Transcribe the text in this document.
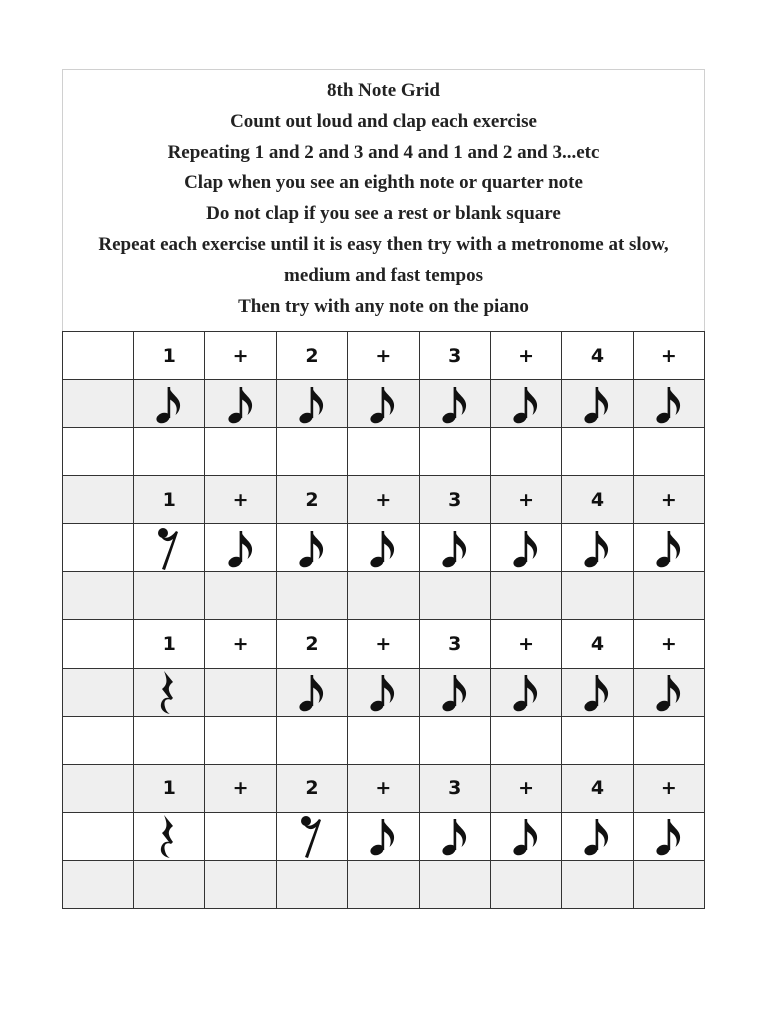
8th Note Grid
Count out loud and clap each exercise
Repeating 1 and 2 and 3 and 4 and 1 and 2 and 3...etc
Clap when you see an eighth note or quarter note
Do not clap if you see a rest or blank square
Repeat each exercise until it is easy then try with a metronome at slow, medium and fast tempos
Then try with any note on the piano
	1	+	2	+	3	+	4	+

	1	+	2	+	3	+	4	+

	1	+	2	+	3	+	4	+

	1	+	2	+	3	+	4	+
